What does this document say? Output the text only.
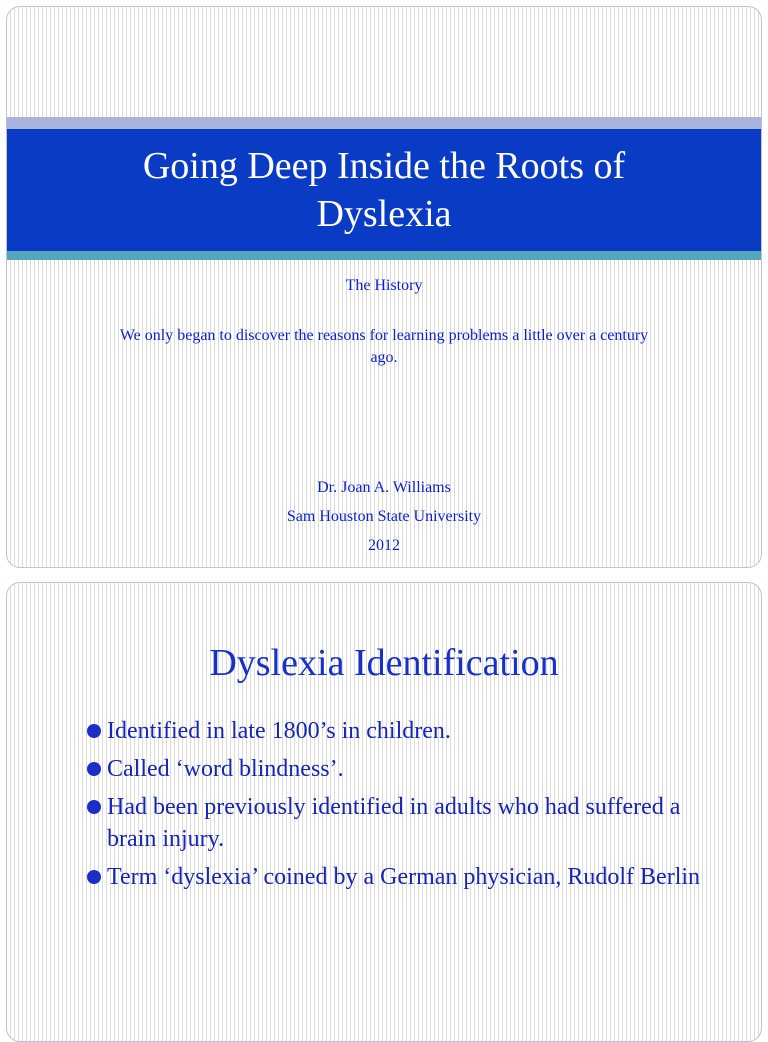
Going Deep Inside the Roots of Dyslexia
The History
We only began to discover the reasons for learning problems a little over a century ago.
Dr. Joan A. Williams
Sam Houston State University
2012
Dyslexia Identification
Identified in late 1800’s in children.
Called ‘word blindness’.
Had been previously identified in adults who had suffered a brain injury.
Term ‘dyslexia’ coined by a German physician, Rudolf Berlin
